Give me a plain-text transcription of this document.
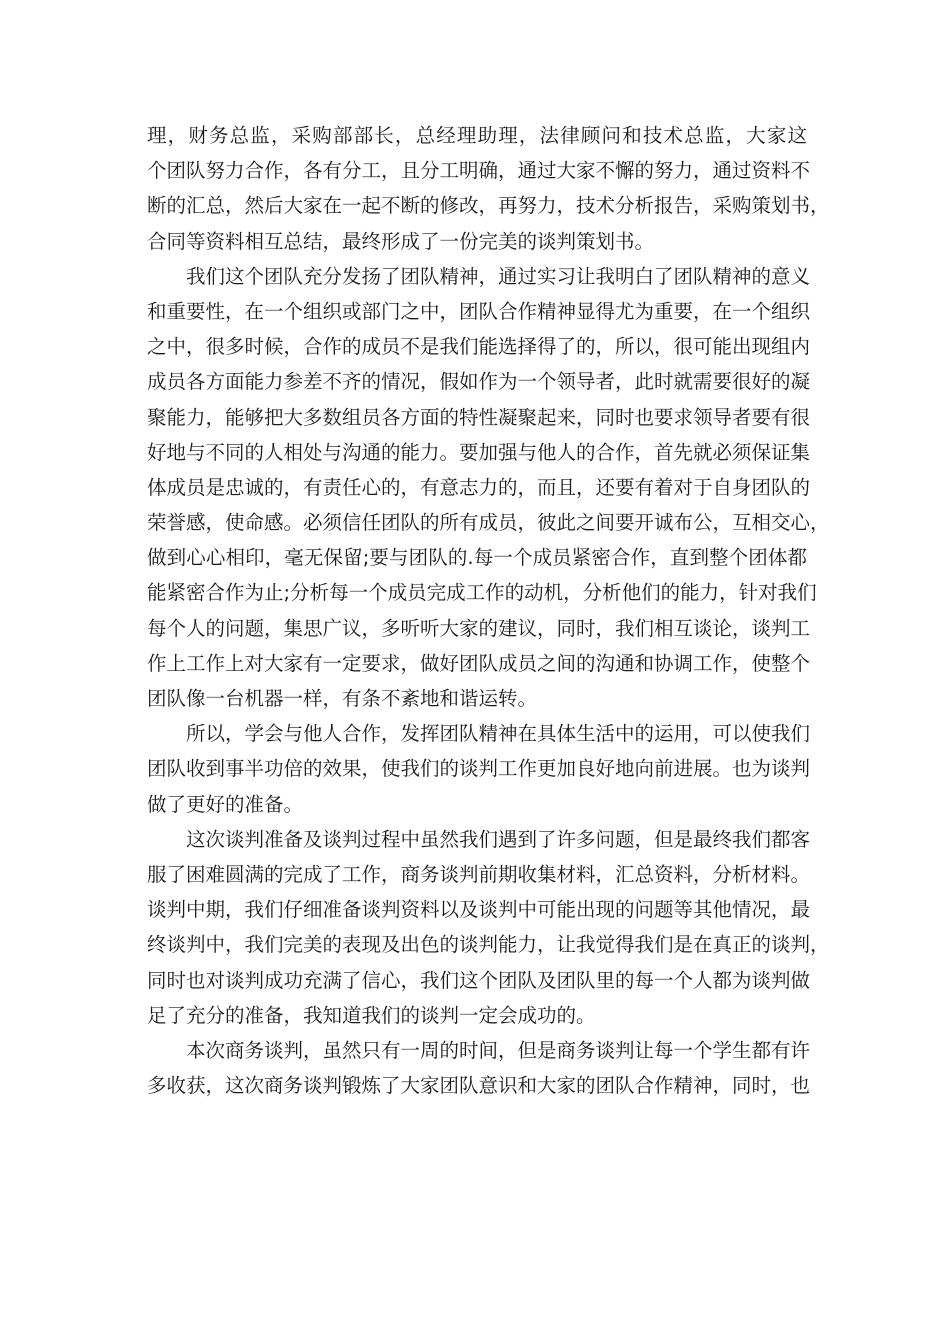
理，财务总监，采购部部长，总经理助理，法律顾问和技术总监，大家这
个团队努力合作，各有分工，且分工明确，通过大家不懈的努力，通过资料不
断的汇总，然后大家在一起不断的修改，再努力，技术分析报告，采购策划书，
合同等资料相互总结，最终形成了一份完美的谈判策划书。
我们这个团队充分发扬了团队精神，通过实习让我明白了团队精神的意义
和重要性，在一个组织或部门之中，团队合作精神显得尤为重要，在一个组织
之中，很多时候，合作的成员不是我们能选择得了的，所以，很可能出现组内
成员各方面能力参差不齐的情况，假如作为一个领导者，此时就需要很好的凝
聚能力，能够把大多数组员各方面的特性凝聚起来，同时也要求领导者要有很
好地与不同的人相处与沟通的能力。要加强与他人的合作，首先就必须保证集
体成员是忠诚的，有责任心的，有意志力的，而且，还要有着对于自身团队的
荣誉感，使命感。必须信任团队的所有成员，彼此之间要开诚布公，互相交心，
做到心心相印，毫无保留;要与团队的.每一个成员紧密合作，直到整个团体都
能紧密合作为止;分析每一个成员完成工作的动机，分析他们的能力，针对我们
每个人的问题，集思广议，多听听大家的建议，同时，我们相互谈论，谈判工
作上工作上对大家有一定要求，做好团队成员之间的沟通和协调工作，使整个
团队像一台机器一样，有条不紊地和谐运转。
所以，学会与他人合作，发挥团队精神在具体生活中的运用，可以使我们
团队收到事半功倍的效果，使我们的谈判工作更加良好地向前进展。也为谈判
做了更好的准备。
这次谈判准备及谈判过程中虽然我们遇到了许多问题，但是最终我们都客
服了困难圆满的完成了工作，商务谈判前期收集材料，汇总资料，分析材料。
谈判中期，我们仔细准备谈判资料以及谈判中可能出现的问题等其他情况，最
终谈判中，我们完美的表现及出色的谈判能力，让我觉得我们是在真正的谈判，
同时也对谈判成功充满了信心，我们这个团队及团队里的每一个人都为谈判做
足了充分的准备，我知道我们的谈判一定会成功的。
本次商务谈判，虽然只有一周的时间，但是商务谈判让每一个学生都有许
多收获，这次商务谈判锻炼了大家团队意识和大家的团队合作精神，同时，也
